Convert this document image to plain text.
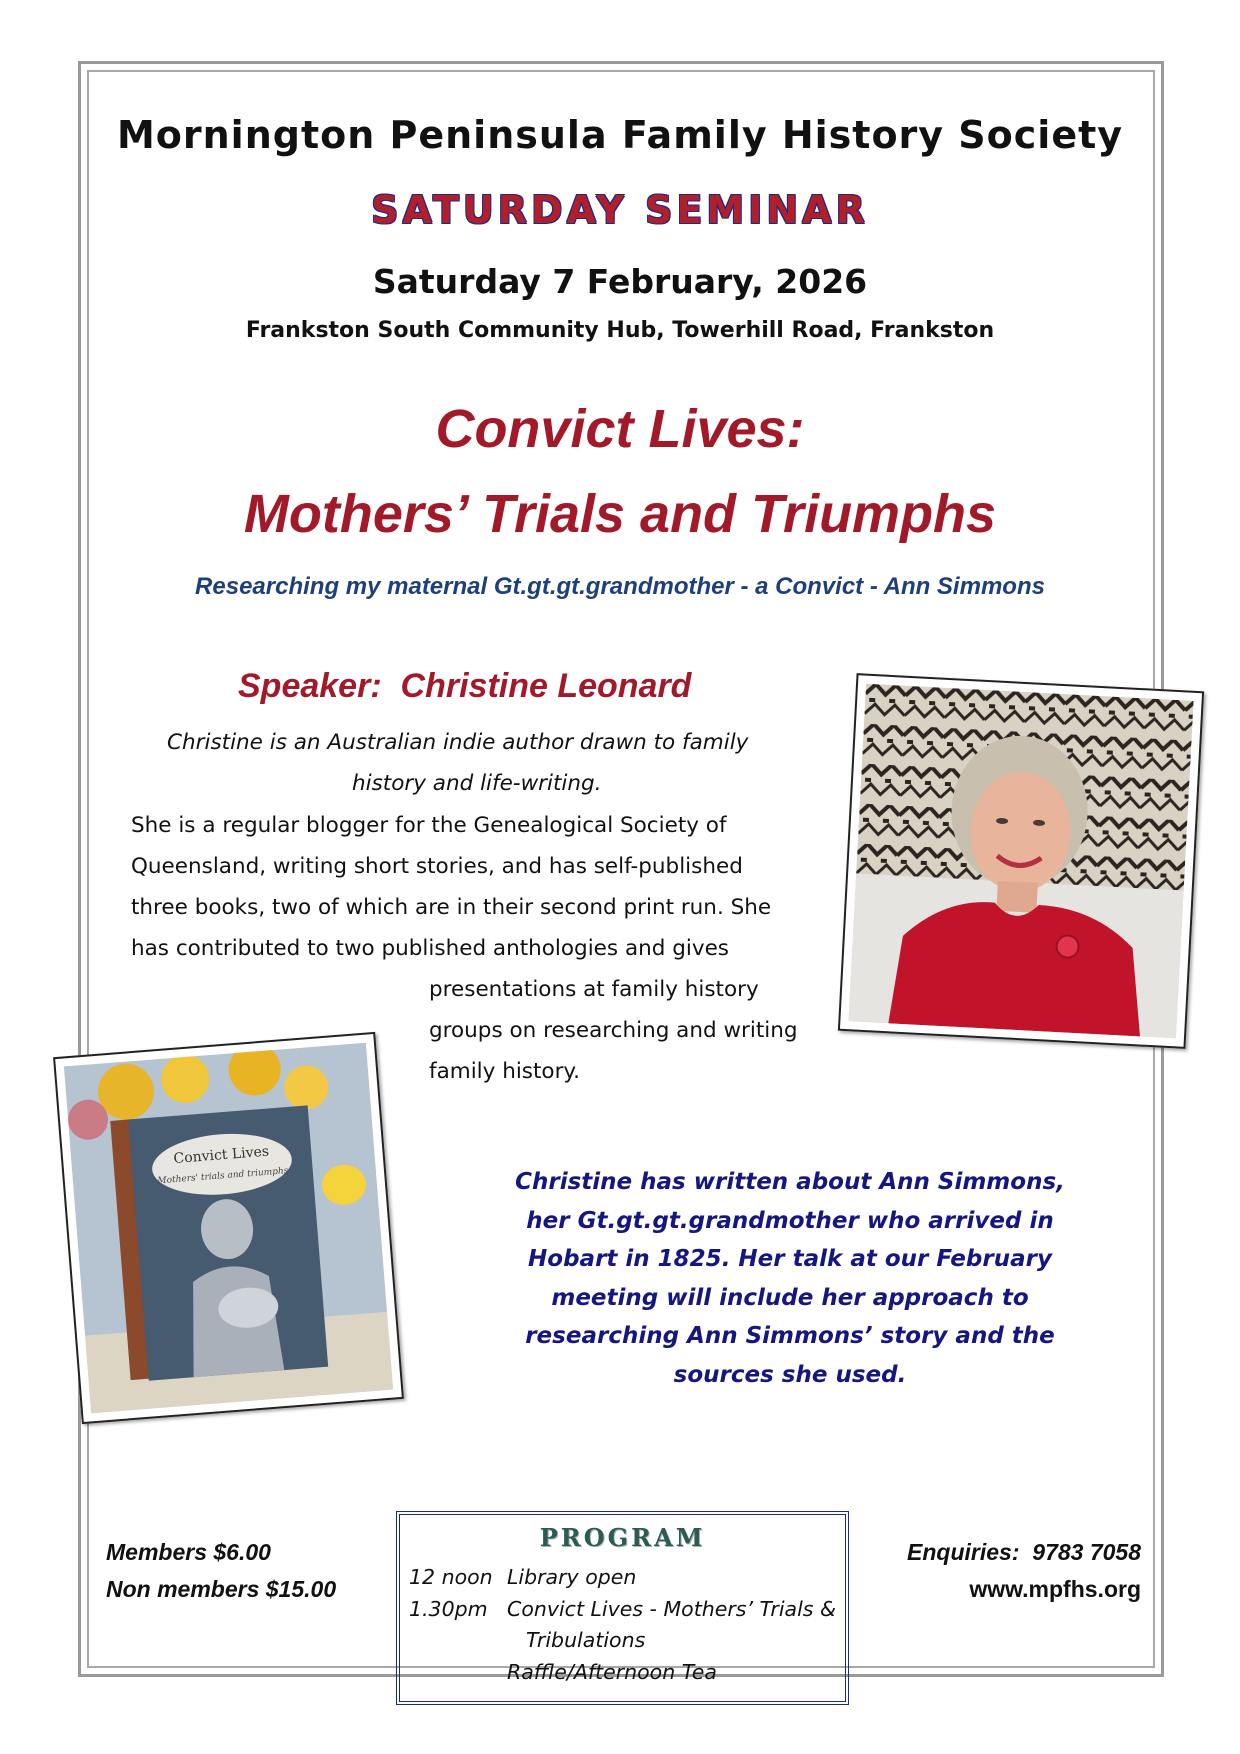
Mornington Peninsula Family History Society
SATURDAY SEMINAR
Saturday 7 February, 2026
Frankston South Community Hub, Towerhill Road, Frankston
Convict Lives:
Mothers’ Trials and Triumphs
Researching my maternal Gt.gt.gt.grandmother - a Convict - Ann Simmons
Speaker:  Christine Leonard
Christine is an Australian indie author drawn to family
history and life-writing.
She is a regular blogger for the Genealogical Society of
Queensland, writing short stories, and has self-published
three books, two of which are in their second print run. She
has contributed to two published anthologies and gives
presentations at family history
groups on researching and writing
family history.
Convict Lives
Mothers' trials and triumphs	Christine has written about Ann Simmons,
her Gt.gt.gt.grandmother who arrived in
Hobart in 1825. Her talk at our February
meeting will include her approach to
researching Ann Simmons’ story and the
sources she used.
Members $6.00
Non members $15.00
PROGRAM
12 noon Library open
1.30pm Convict Lives - Mothers’ Trials &
Tribulations
Raffle/Afternoon Tea
Enquiries:  9783 7058
www.mpfhs.org
